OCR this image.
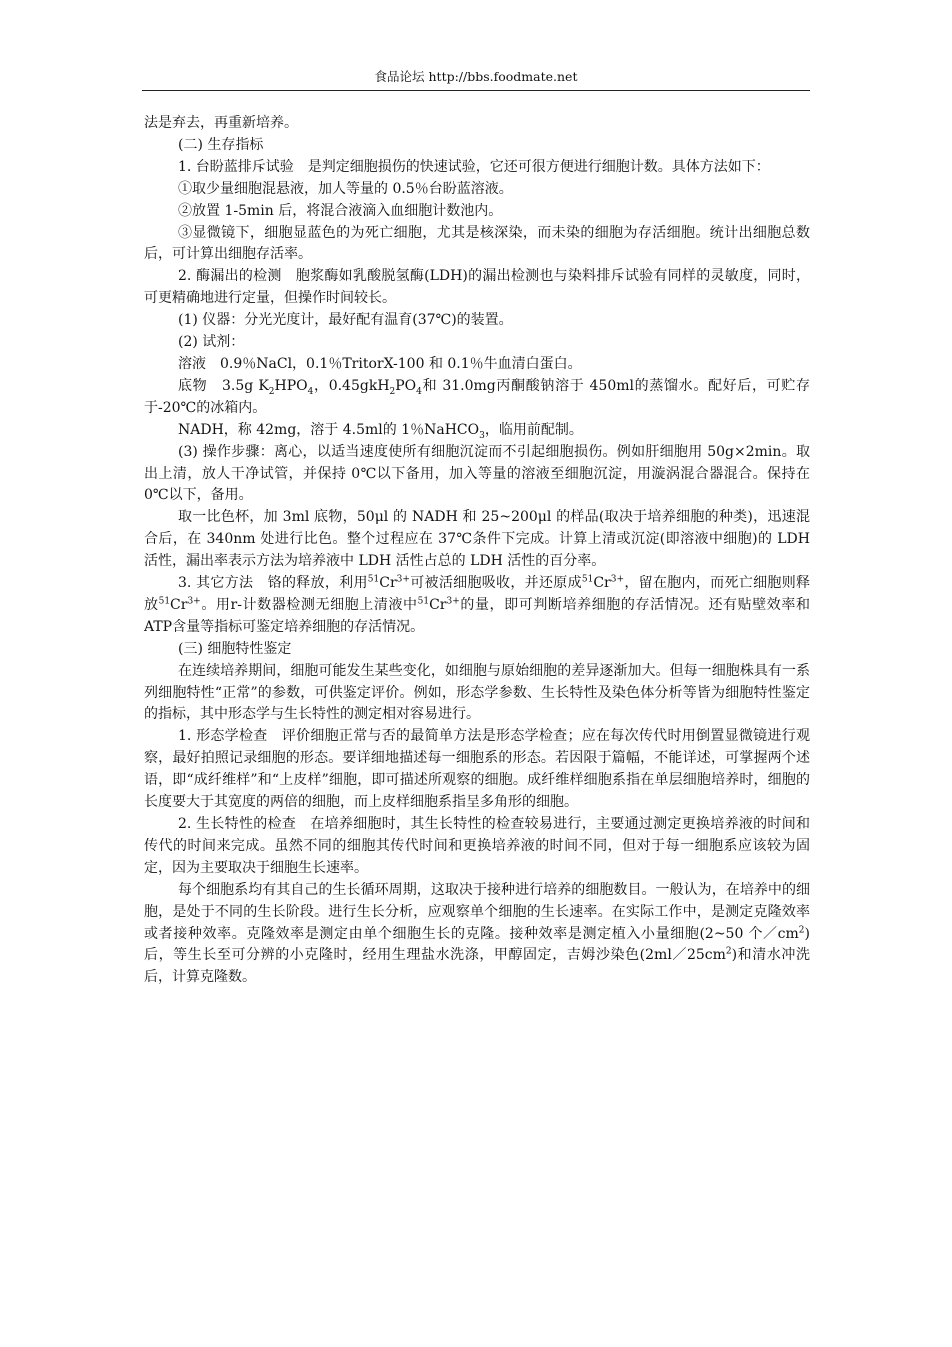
食品论坛 http://bbs.foodmate.net

法是弃去，再重新培养。

(二) 生存指标

1. 台盼蓝排斥试验　是判定细胞损伤的快速试验，它还可很方便进行细胞计数。具体方法如下：

①取少量细胞混悬液，加人等量的 0.5％台盼蓝溶液。

②放置 1-5min 后，将混合液滴入血细胞计数池内。

③显微镜下，细胞显蓝色的为死亡细胞，尤其是核深染，而未染的细胞为存活细胞。统计出细胞总数后，可计算出细胞存活率。

2. 酶漏出的检测　胞浆酶如乳酸脱氢酶(LDH)的漏出检测也与染料排斥试验有同样的灵敏度，同时，可更精确地进行定量，但操作时间较长。

(1) 仪器：分光光度计，最好配有温育(37℃)的装置。

(2) 试剂：

溶液　0.9％NaCl，0.1％TritorX-100 和 0.1％牛血清白蛋白。

底物　3.5g $K_2HPO_4$，$0.45gkH_2PO_4$和 31.0mg丙酮酸钠溶于 450ml的蒸馏水。配好后，可贮存于-20℃的冰箱内。

NADH，称 42mg，溶于 4.5ml的 1％NaHCO$_3$，临用前配制。

(3) 操作步骤：离心，以适当速度使所有细胞沉淀而不引起细胞损伤。例如肝细胞用 50g×2min。取出上清，放人干净试管，并保持 0℃以下备用，加入等量的溶液至细胞沉淀，用漩涡混合器混合。保持在 0℃以下，备用。

取一比色杯，加 3ml 底物，50μl 的 NADH 和 25~200μl 的样品(取决于培养细胞的种类)，迅速混合后，在 340nm 处进行比色。整个过程应在 37℃条件下完成。计算上清或沉淀(即溶液中细胞)的 LDH 活性，漏出率表示方法为培养液中 LDH 活性占总的 LDH 活性的百分率。

3. 其它方法　铬的释放，利用$^{51}Cr^{3+}$可被活细胞吸收，并还原成$^{51}Cr^{3+}$，留在胞内，而死亡细胞则释放$^{51}Cr^{3+}$。用r-计数器检测无细胞上清液中$^{51}Cr^{3+}$的量，即可判断培养细胞的存活情况。还有贴壁效率和ATP含量等指标可鉴定培养细胞的存活情况。

(三) 细胞特性鉴定

在连续培养期间，细胞可能发生某些变化，如细胞与原始细胞的差异逐渐加大。但每一细胞株具有一系列细胞特性“正常”的参数，可供鉴定评价。例如，形态学参数、生长特性及染色体分析等皆为细胞特性鉴定的指标，其中形态学与生长特性的测定相对容易进行。

1. 形态学检查　评价细胞正常与否的最简单方法是形态学检查；应在每次传代时用倒置显微镜进行观察，最好拍照记录细胞的形态。要详细地描述每一细胞系的形态。若因限于篇幅，不能详述，可掌握两个述语，即“成纤维样”和“上皮样”细胞，即可描述所观察的细胞。成纤维样细胞系指在单层细胞培养时，细胞的长度要大于其宽度的两倍的细胞，而上皮样细胞系指呈多角形的细胞。

2. 生长特性的检查　在培养细胞时，其生长特性的检查较易进行，主要通过测定更换培养液的时间和传代的时间来完成。虽然不同的细胞其传代时间和更换培养液的时间不同，但对于每一细胞系应该较为固定，因为主要取决于细胞生长速率。

每个细胞系均有其自己的生长循环周期，这取决于接种进行培养的细胞数目。一般认为，在培养中的细胞，是处于不同的生长阶段。进行生长分析，应观察单个细胞的生长速率。在实际工作中，是测定克隆效率或者接种效率。克隆效率是测定由单个细胞生长的克隆。接种效率是测定植入小量细胞(2~50 个$/cm^2$)后，等生长至可分辨的小克隆时，经用生理盐水洗涤，甲醇固定，吉姆沙染色$(2ml/25cm^2)$和清水冲洗后，计算克隆数。
